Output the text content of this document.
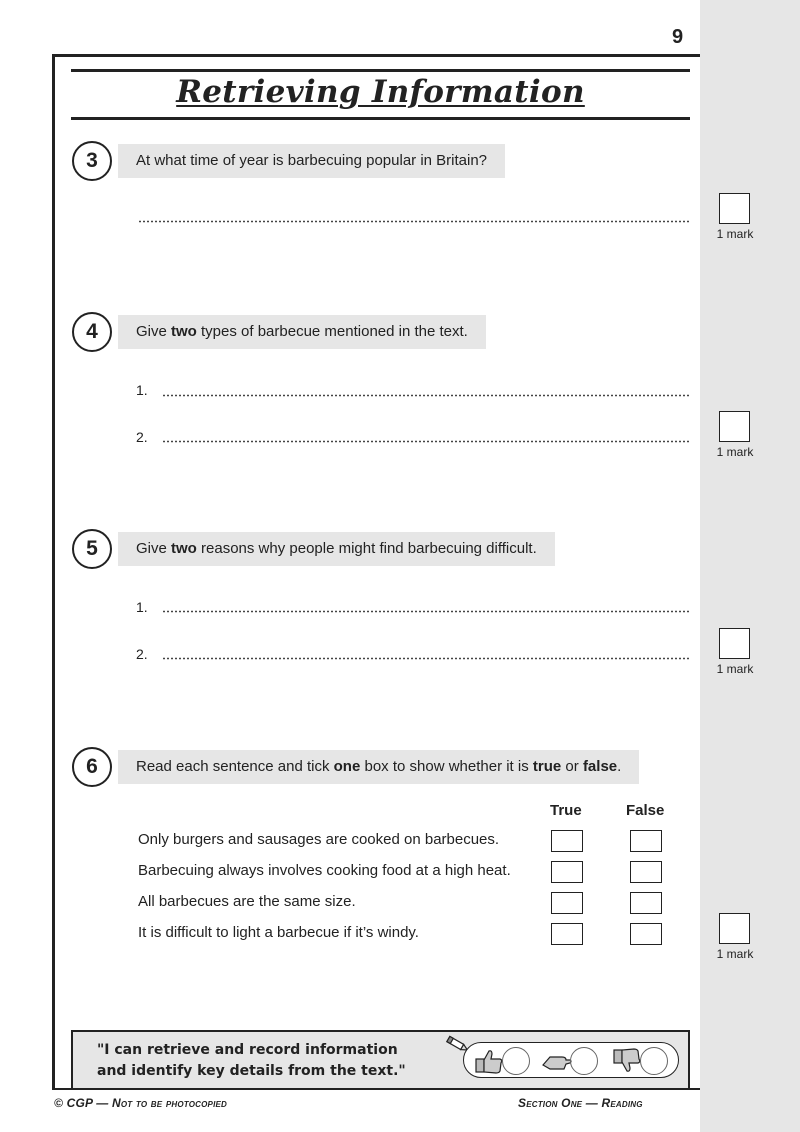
9
Retrieving Information
3	At what time of year is barbecuing popular in Britain?
1 mark
4	Give two types of barbecue mentioned in the text.
1.
2.
1 mark
5	Give two reasons why people might find barbecuing difficult.
1.
2.
1 mark
6	Read each sentence and tick one box to show whether it is true or false.
True	False
Only burgers and sausages are cooked on barbecues.
Barbecuing always involves cooking food at a high heat.
All barbecues are the same size.
It is difficult to light a barbecue if it’s windy.
1 mark
"I can retrieve and record information
and identify key details from the text."
© CGP — Not to be photocopied	Section One — Reading
